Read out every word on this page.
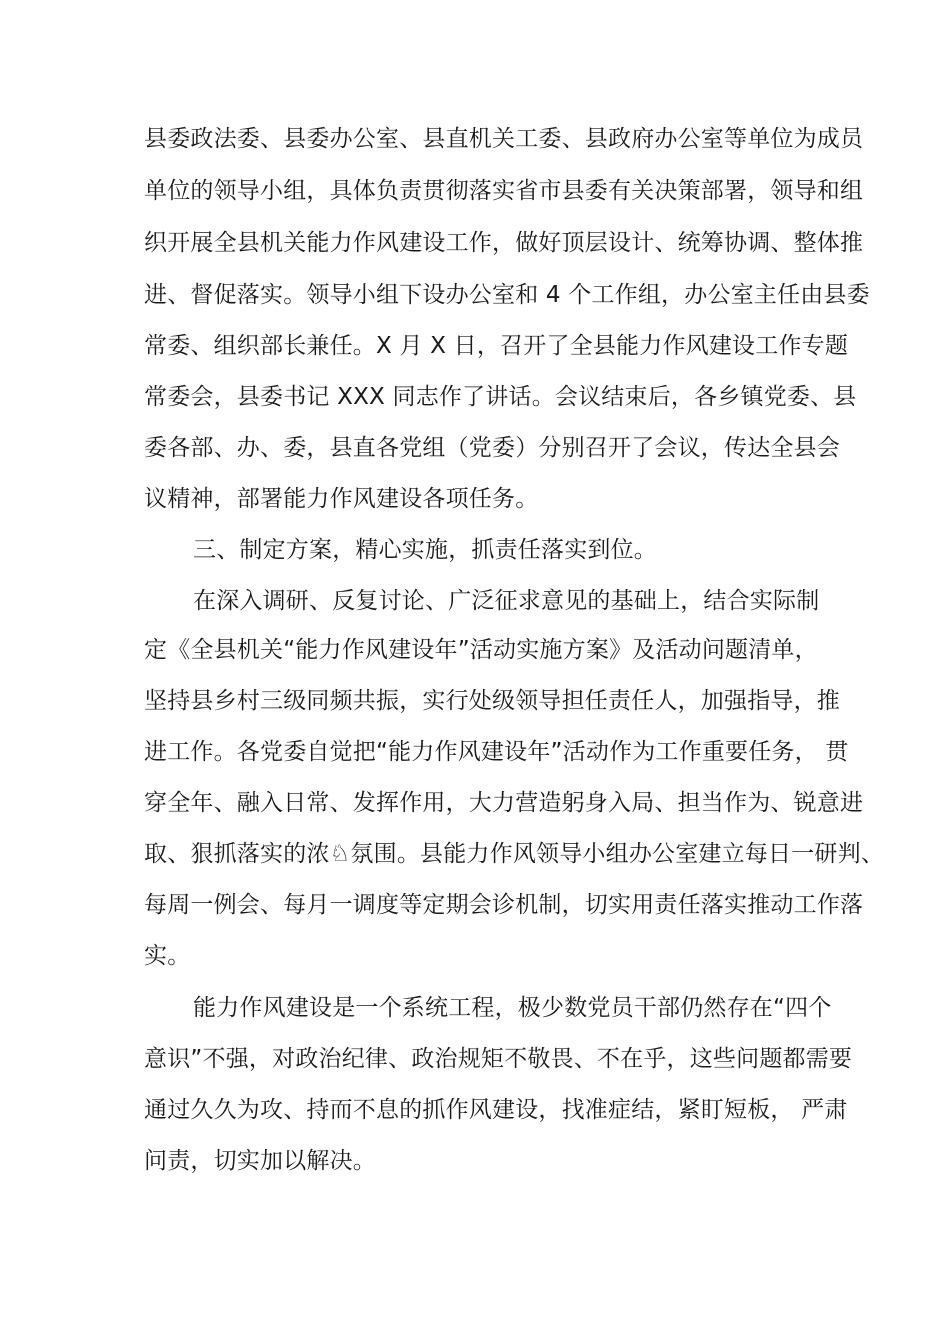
县委政法委、县委办公室、县直机关工委、县政府办公室等单位为成员
单位的领导小组，具体负责贯彻落实省市县委有关决策部署，领导和组
织开展全县机关能力作风建设工作，做好顶层设计、统筹协调、整体推
进、督促落实。领导小组下设办公室和 4 个工作组，办公室主任由县委
常委、组织部长兼任。X 月 X 日，召开了全县能力作风建设工作专题
常委会，县委书记 XXX 同志作了讲话。会议结束后，各乡镇党委、县
委各部、办、委，县直各党组（党委）分别召开了会议，传达全县会
议精神，部署能力作风建设各项任务。
三、制定方案，精心实施，抓责任落实到位。
在深入调研、反复讨论、广泛征求意见的基础上，结合实际制
定《全县机关“能力作风建设年”活动实施方案》及活动问题清单，
坚持县乡村三级同频共振，实行处级领导担任责任人，加强指导，推
进工作。各党委自觉把“能力作风建设年”活动作为工作重要任务， 贯
穿全年、融入日常、发挥作用，大力营造躬身入局、担当作为、锐意进
取、狠抓落实的浓♘氛围。县能力作风领导小组办公室建立每日一研判、
每周一例会、每月一调度等定期会诊机制，切实用责任落实推动工作落
实。
能力作风建设是一个系统工程，极少数党员干部仍然存在“四个
意识”不强，对政治纪律、政治规矩不敬畏、不在乎，这些问题都需要
通过久久为攻、持而不息的抓作风建设，找准症结，紧盯短板， 严肃
问责，切实加以解决。
